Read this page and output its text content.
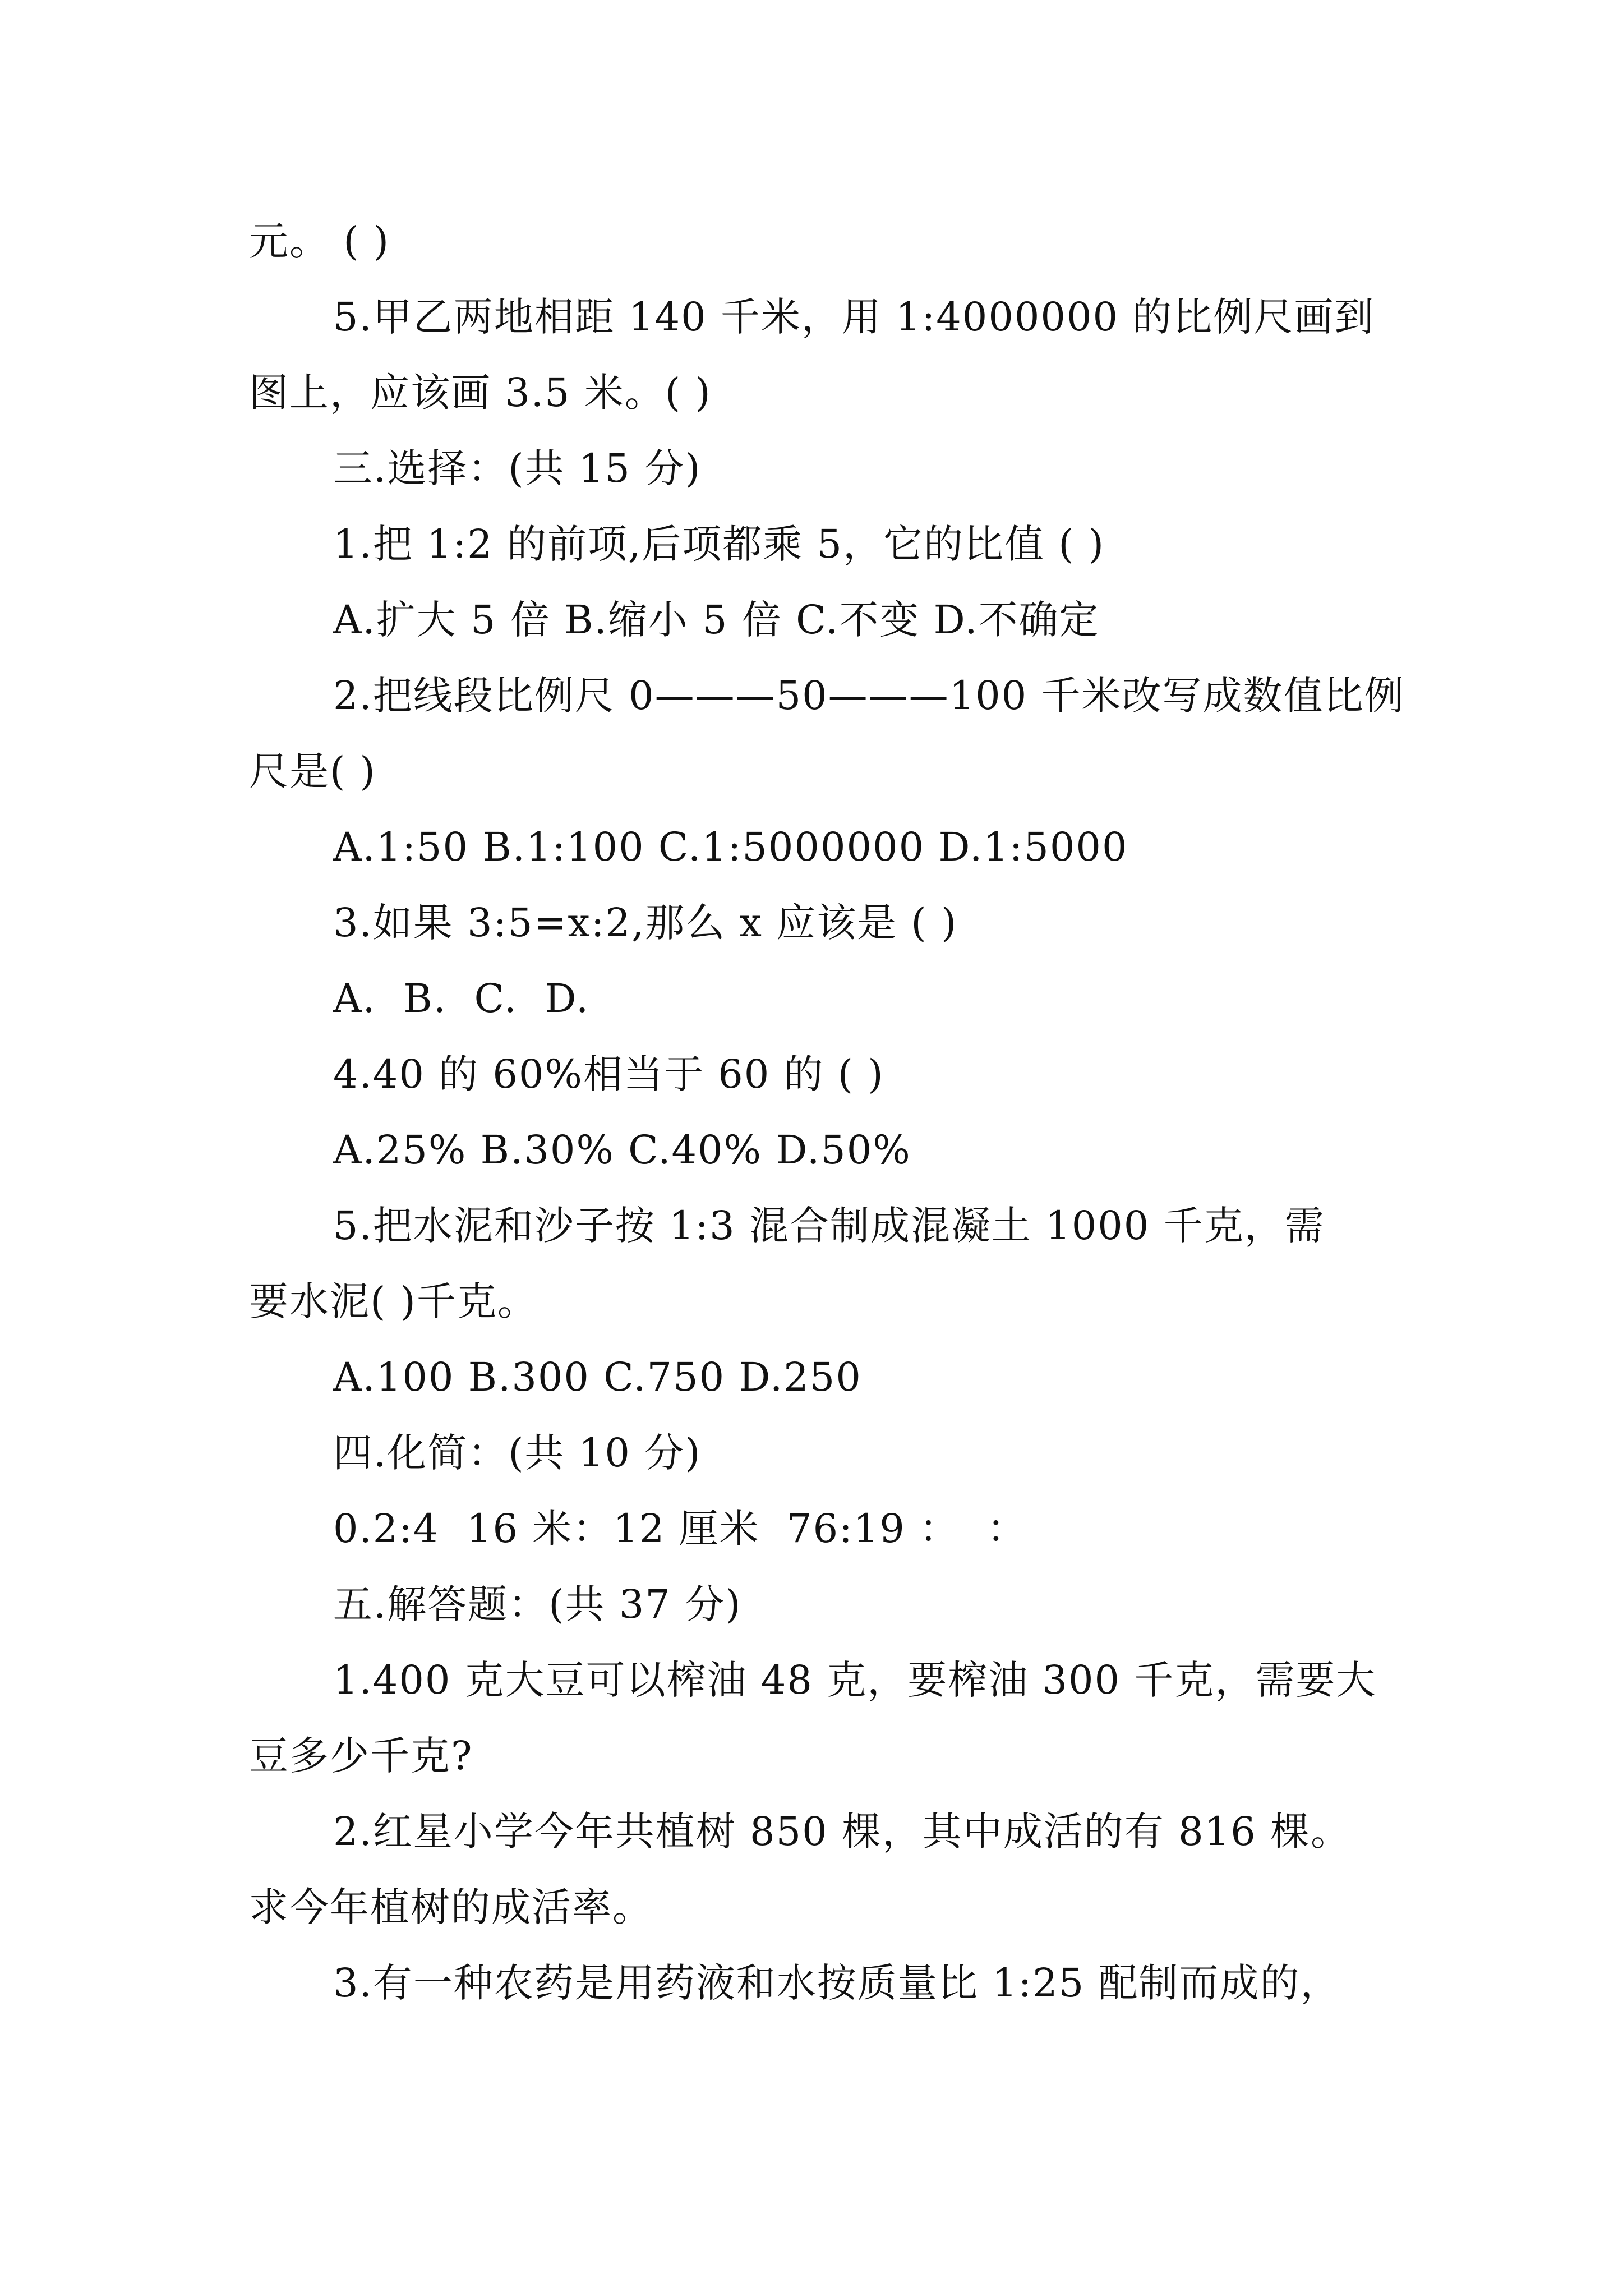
元。 ( )
5.甲乙两地相距 140 千米，用 1:4000000 的比例尺画到
图上，应该画 3.5 米。( )
三.选择：(共 15 分)
1.把 1:2 的前项,后项都乘 5，它的比值 ( )
A.扩大 5 倍 B.缩小 5 倍 C.不变 D.不确定
2.把线段比例尺 0———50———100 千米改写成数值比例
尺是( )
A.1:50 B.1:100 C.1:5000000 D.1:5000
3.如果 3:5=x:2,那么 x 应该是 ( )
A.  B.  C.  D.
4.40 的 60%相当于 60 的 ( )
A.25% B.30% C.40% D.50%
5.把水泥和沙子按 1:3 混合制成混凝土 1000 千克，需
要水泥( )千克。
A.100 B.300 C.750 D.250
四.化简：(共 10 分)
0.2:4  16 米：12 厘米  76:19 ：  ：
五.解答题：(共 37 分)
1.400 克大豆可以榨油 48 克，要榨油 300 千克，需要大
豆多少千克?
2.红星小学今年共植树 850 棵，其中成活的有 816 棵。
求今年植树的成活率。
3.有一种农药是用药液和水按质量比 1:25 配制而成的，
